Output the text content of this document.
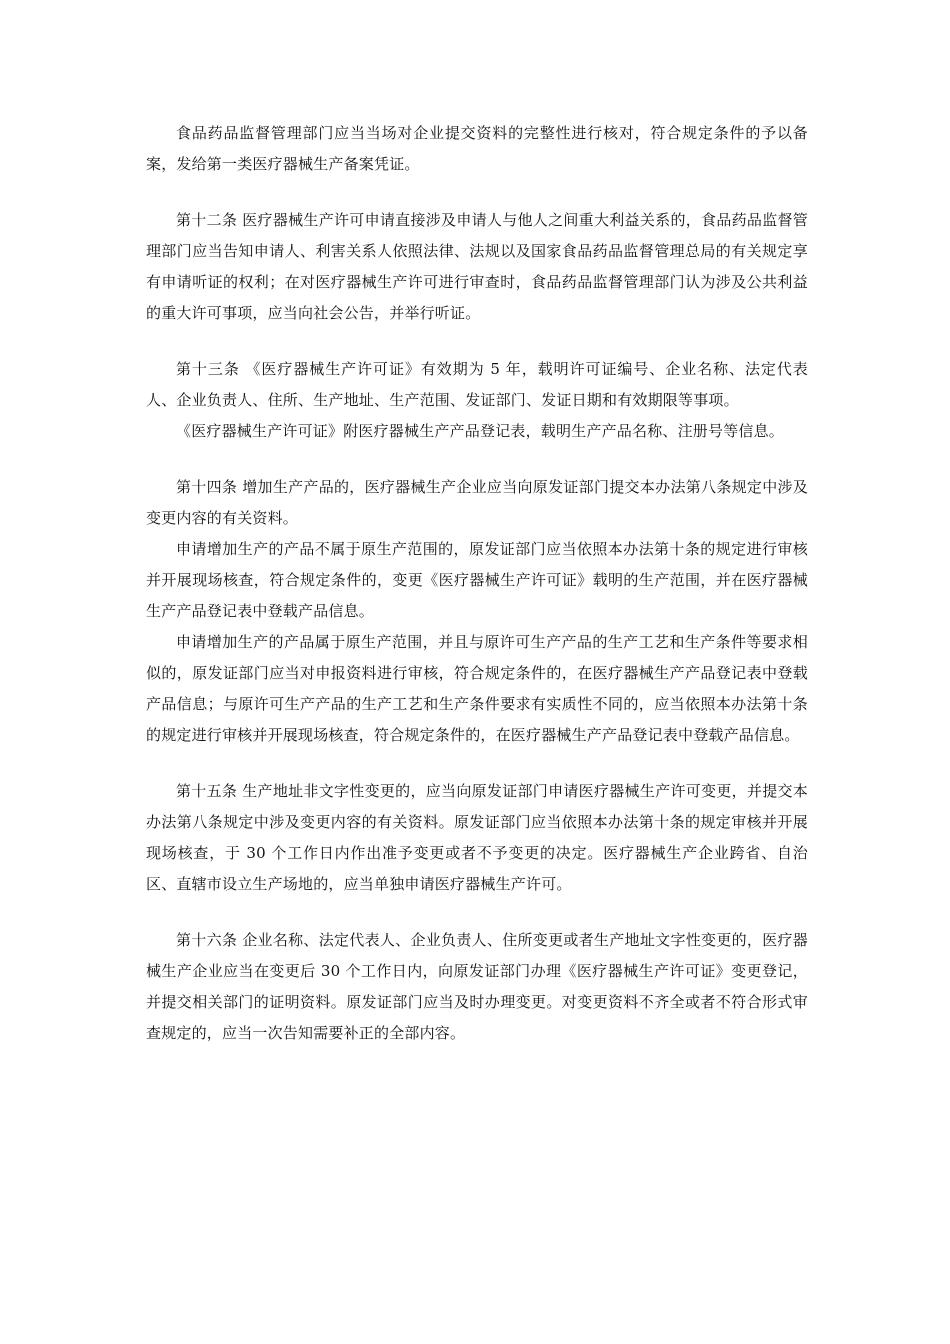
食品药品监督管理部门应当当场对企业提交资料的完整性进行核对，符合规定条件的予以备案，发给第一类医疗器械生产备案凭证。

第十二条 医疗器械生产许可申请直接涉及申请人与他人之间重大利益关系的，食品药品监督管理部门应当告知申请人、利害关系人依照法律、法规以及国家食品药品监督管理总局的有关规定享有申请听证的权利；在对医疗器械生产许可进行审查时，食品药品监督管理部门认为涉及公共利益的重大许可事项，应当向社会公告，并举行听证。

第十三条 《医疗器械生产许可证》有效期为 5 年，载明许可证编号、企业名称、法定代表人、企业负责人、住所、生产地址、生产范围、发证部门、发证日期和有效期限等事项。

《医疗器械生产许可证》附医疗器械生产产品登记表，载明生产产品名称、注册号等信息。

第十四条 增加生产产品的，医疗器械生产企业应当向原发证部门提交本办法第八条规定中涉及变更内容的有关资料。

申请增加生产的产品不属于原生产范围的，原发证部门应当依照本办法第十条的规定进行审核并开展现场核查，符合规定条件的，变更《医疗器械生产许可证》载明的生产范围，并在医疗器械生产产品登记表中登载产品信息。

申请增加生产的产品属于原生产范围，并且与原许可生产产品的生产工艺和生产条件等要求相似的，原发证部门应当对申报资料进行审核，符合规定条件的，在医疗器械生产产品登记表中登载产品信息；与原许可生产产品的生产工艺和生产条件要求有实质性不同的，应当依照本办法第十条的规定进行审核并开展现场核查，符合规定条件的，在医疗器械生产产品登记表中登载产品信息。

第十五条 生产地址非文字性变更的，应当向原发证部门申请医疗器械生产许可变更，并提交本办法第八条规定中涉及变更内容的有关资料。原发证部门应当依照本办法第十条的规定审核并开展现场核查，于 30 个工作日内作出准予变更或者不予变更的决定。医疗器械生产企业跨省、自治区、直辖市设立生产场地的，应当单独申请医疗器械生产许可。

第十六条 企业名称、法定代表人、企业负责人、住所变更或者生产地址文字性变更的，医疗器械生产企业应当在变更后 30 个工作日内，向原发证部门办理《医疗器械生产许可证》变更登记，并提交相关部门的证明资料。原发证部门应当及时办理变更。对变更资料不齐全或者不符合形式审查规定的，应当一次告知需要补正的全部内容。
